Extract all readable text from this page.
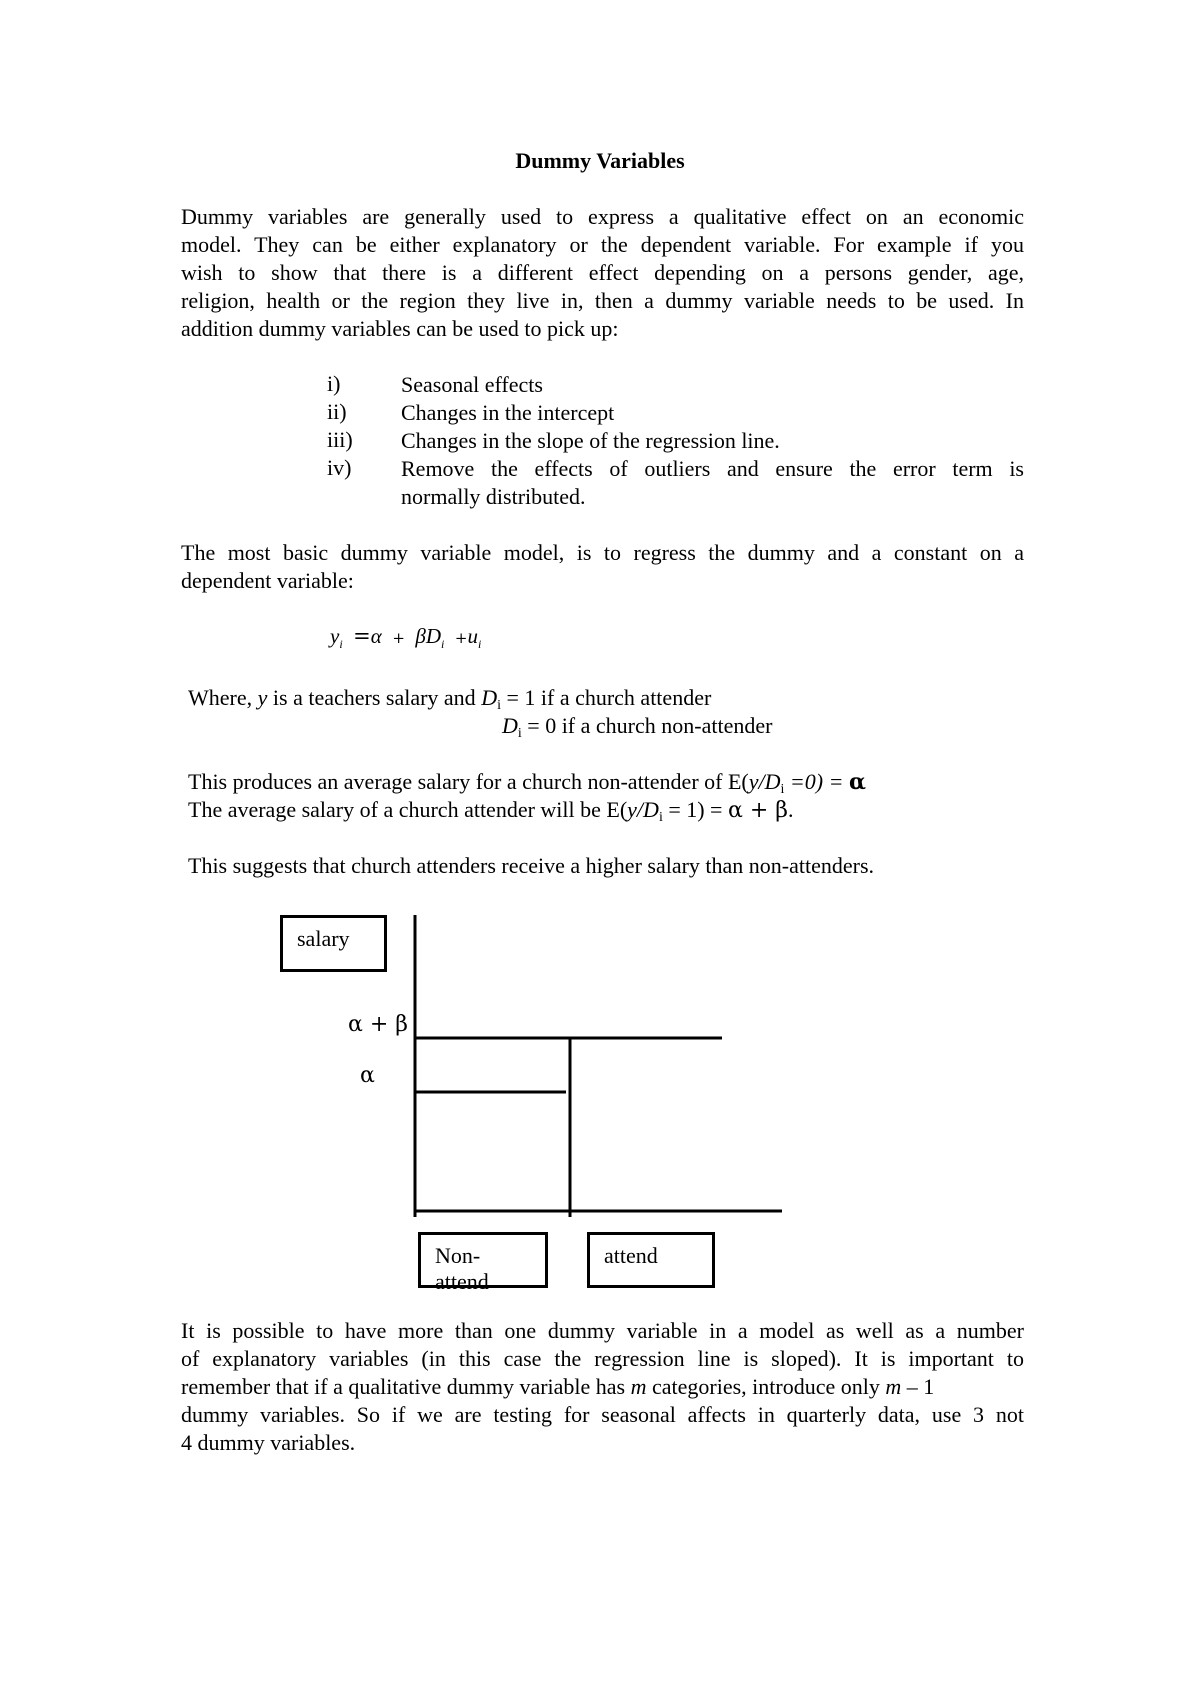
Dummy Variables
Dummy variables are generally used to express a qualitative effect on an economic
model. They can be either explanatory or the dependent variable. For example if you
wish to show that there is a different effect depending on a persons gender, age,
religion, health or the region they live in, then a dummy variable needs to be used. In
addition dummy variables can be used to pick up:
i)	Seasonal effects
ii) Changes in the intercept
iii) Changes in the slope of the regression line.
iv) Remove the effects of outliers and ensure the error term is
normally distributed.
The most basic dummy variable model, is to regress the dummy and a constant on a
dependent variable:
$y_i =\alpha + \beta D_i +u_i$
Where, y is a teachers salary and $D_i = 1$ if a church attender
$D_i = 0$ if a church non-attender
This produces an average salary for a church non-attender of $E(y/D_i =0) = \alpha$
The average salary of a church attender will be $E(y/D_i = 1) = \alpha + \beta$.
This suggests that church attenders receive a higher salary than non-attenders.
salary
α + β
α
Non-attend
attend
It is possible to have more than one dummy variable in a model as well as a number
of explanatory variables (in this case the regression line is sloped). It is important to
remember that if a qualitative dummy variable has m categories, introduce only m – 1
dummy variables. So if we are testing for seasonal affects in quarterly data, use 3 not
4 dummy variables.
